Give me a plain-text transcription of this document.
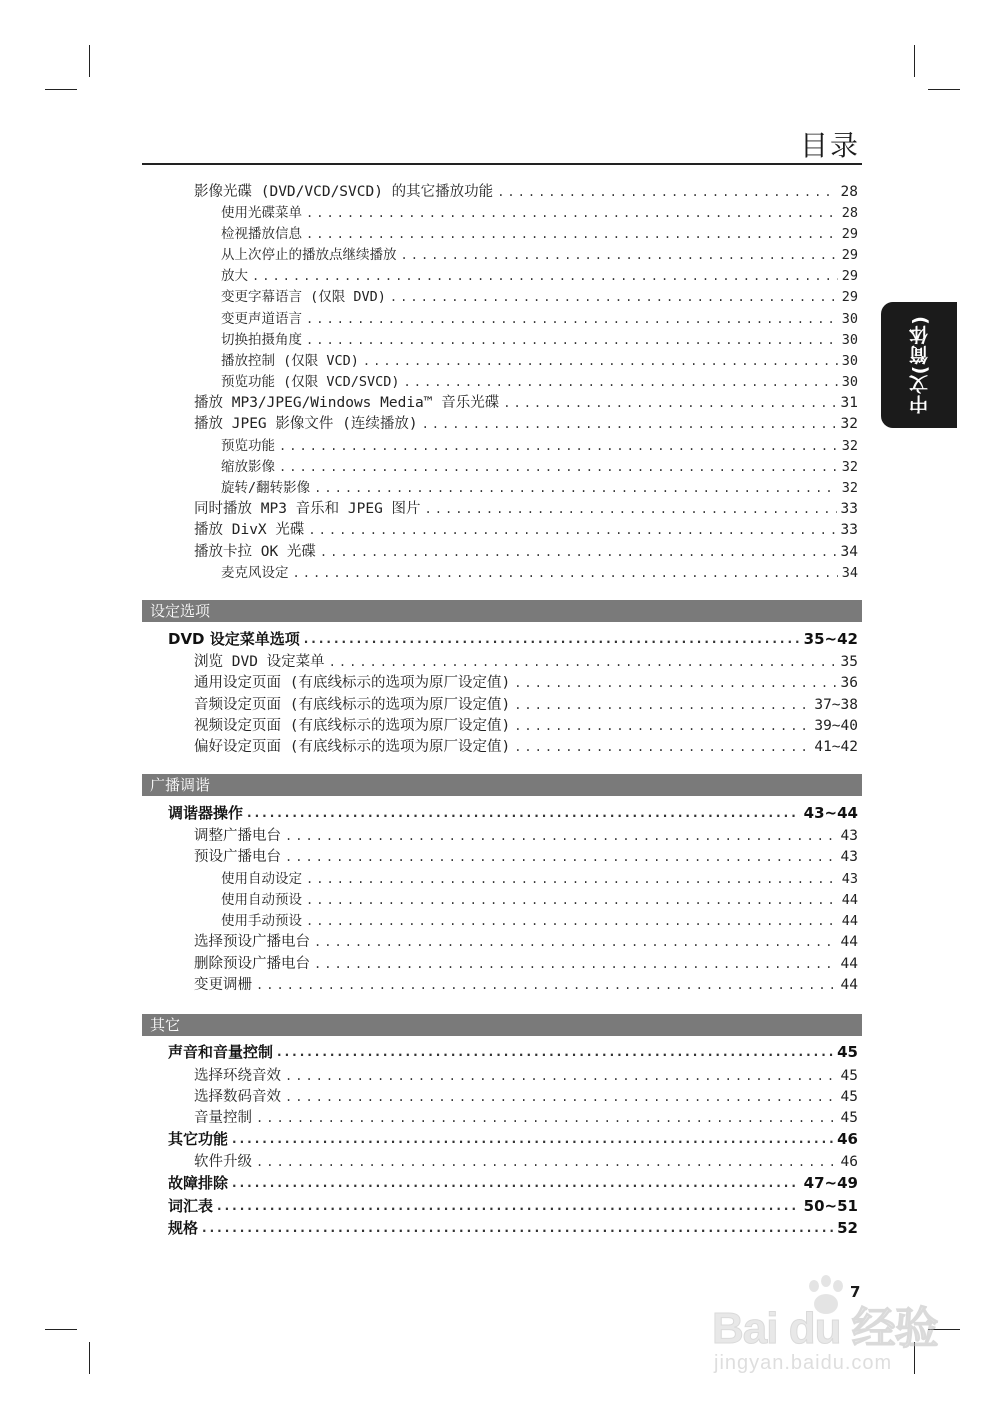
目录
中文(简体)
影像光碟 (DVD/VCD/SVCD) 的其它播放功能 .....	28
使用光碟菜单 .....	28
检视播放信息 .....	29
从上次停止的播放点继续播放 .....	29
放大 .....	29
变更字幕语言 (仅限 DVD) .....	29
变更声道语言 .....	30
切换拍摄角度 .....	30
播放控制 (仅限 VCD) .....	30
预览功能 (仅限 VCD/SVCD) .....	30
播放 MP3/JPEG/Windows Media™ 音乐光碟 .....	31
播放 JPEG 影像文件 (连续播放) .....	32
预览功能 .....	32
缩放影像 .....	32
旋转/翻转影像 .....	32
同时播放 MP3 音乐和 JPEG 图片 .....	33
播放 DivX 光碟 .....	33
播放卡拉 OK 光碟 .....	34
麦克风设定 .....	34
DVD 设定菜单选项 .....	35~42
浏览 DVD 设定菜单 .....	35
通用设定页面 (有底线标示的选项为原厂设定值) .....	36
音频设定页面 (有底线标示的选项为原厂设定值) .....	37~38
视频设定页面 (有底线标示的选项为原厂设定值) .....	39~40
偏好设定页面 (有底线标示的选项为原厂设定值) .....	41~42
调谐器操作 .....	43~44
调整广播电台 .....	43
预设广播电台 .....	43
使用自动设定 .....	43
使用自动预设 .....	44
使用手动预设 .....	44
选择预设广播电台 .....	44
删除预设广播电台 .....	44
变更调栅 .....	44
声音和音量控制 .....	45
选择环绕音效 .....	45
选择数码音效 .....	45
音量控制 .....	45
其它功能 .....	46
软件升级 .....	46
故障排除 .....	47~49
词汇表 .....	50~51
规格 .....	52
设定选项
广播调谐
其它
7
Bai du 经验
jingyan.baidu.com
